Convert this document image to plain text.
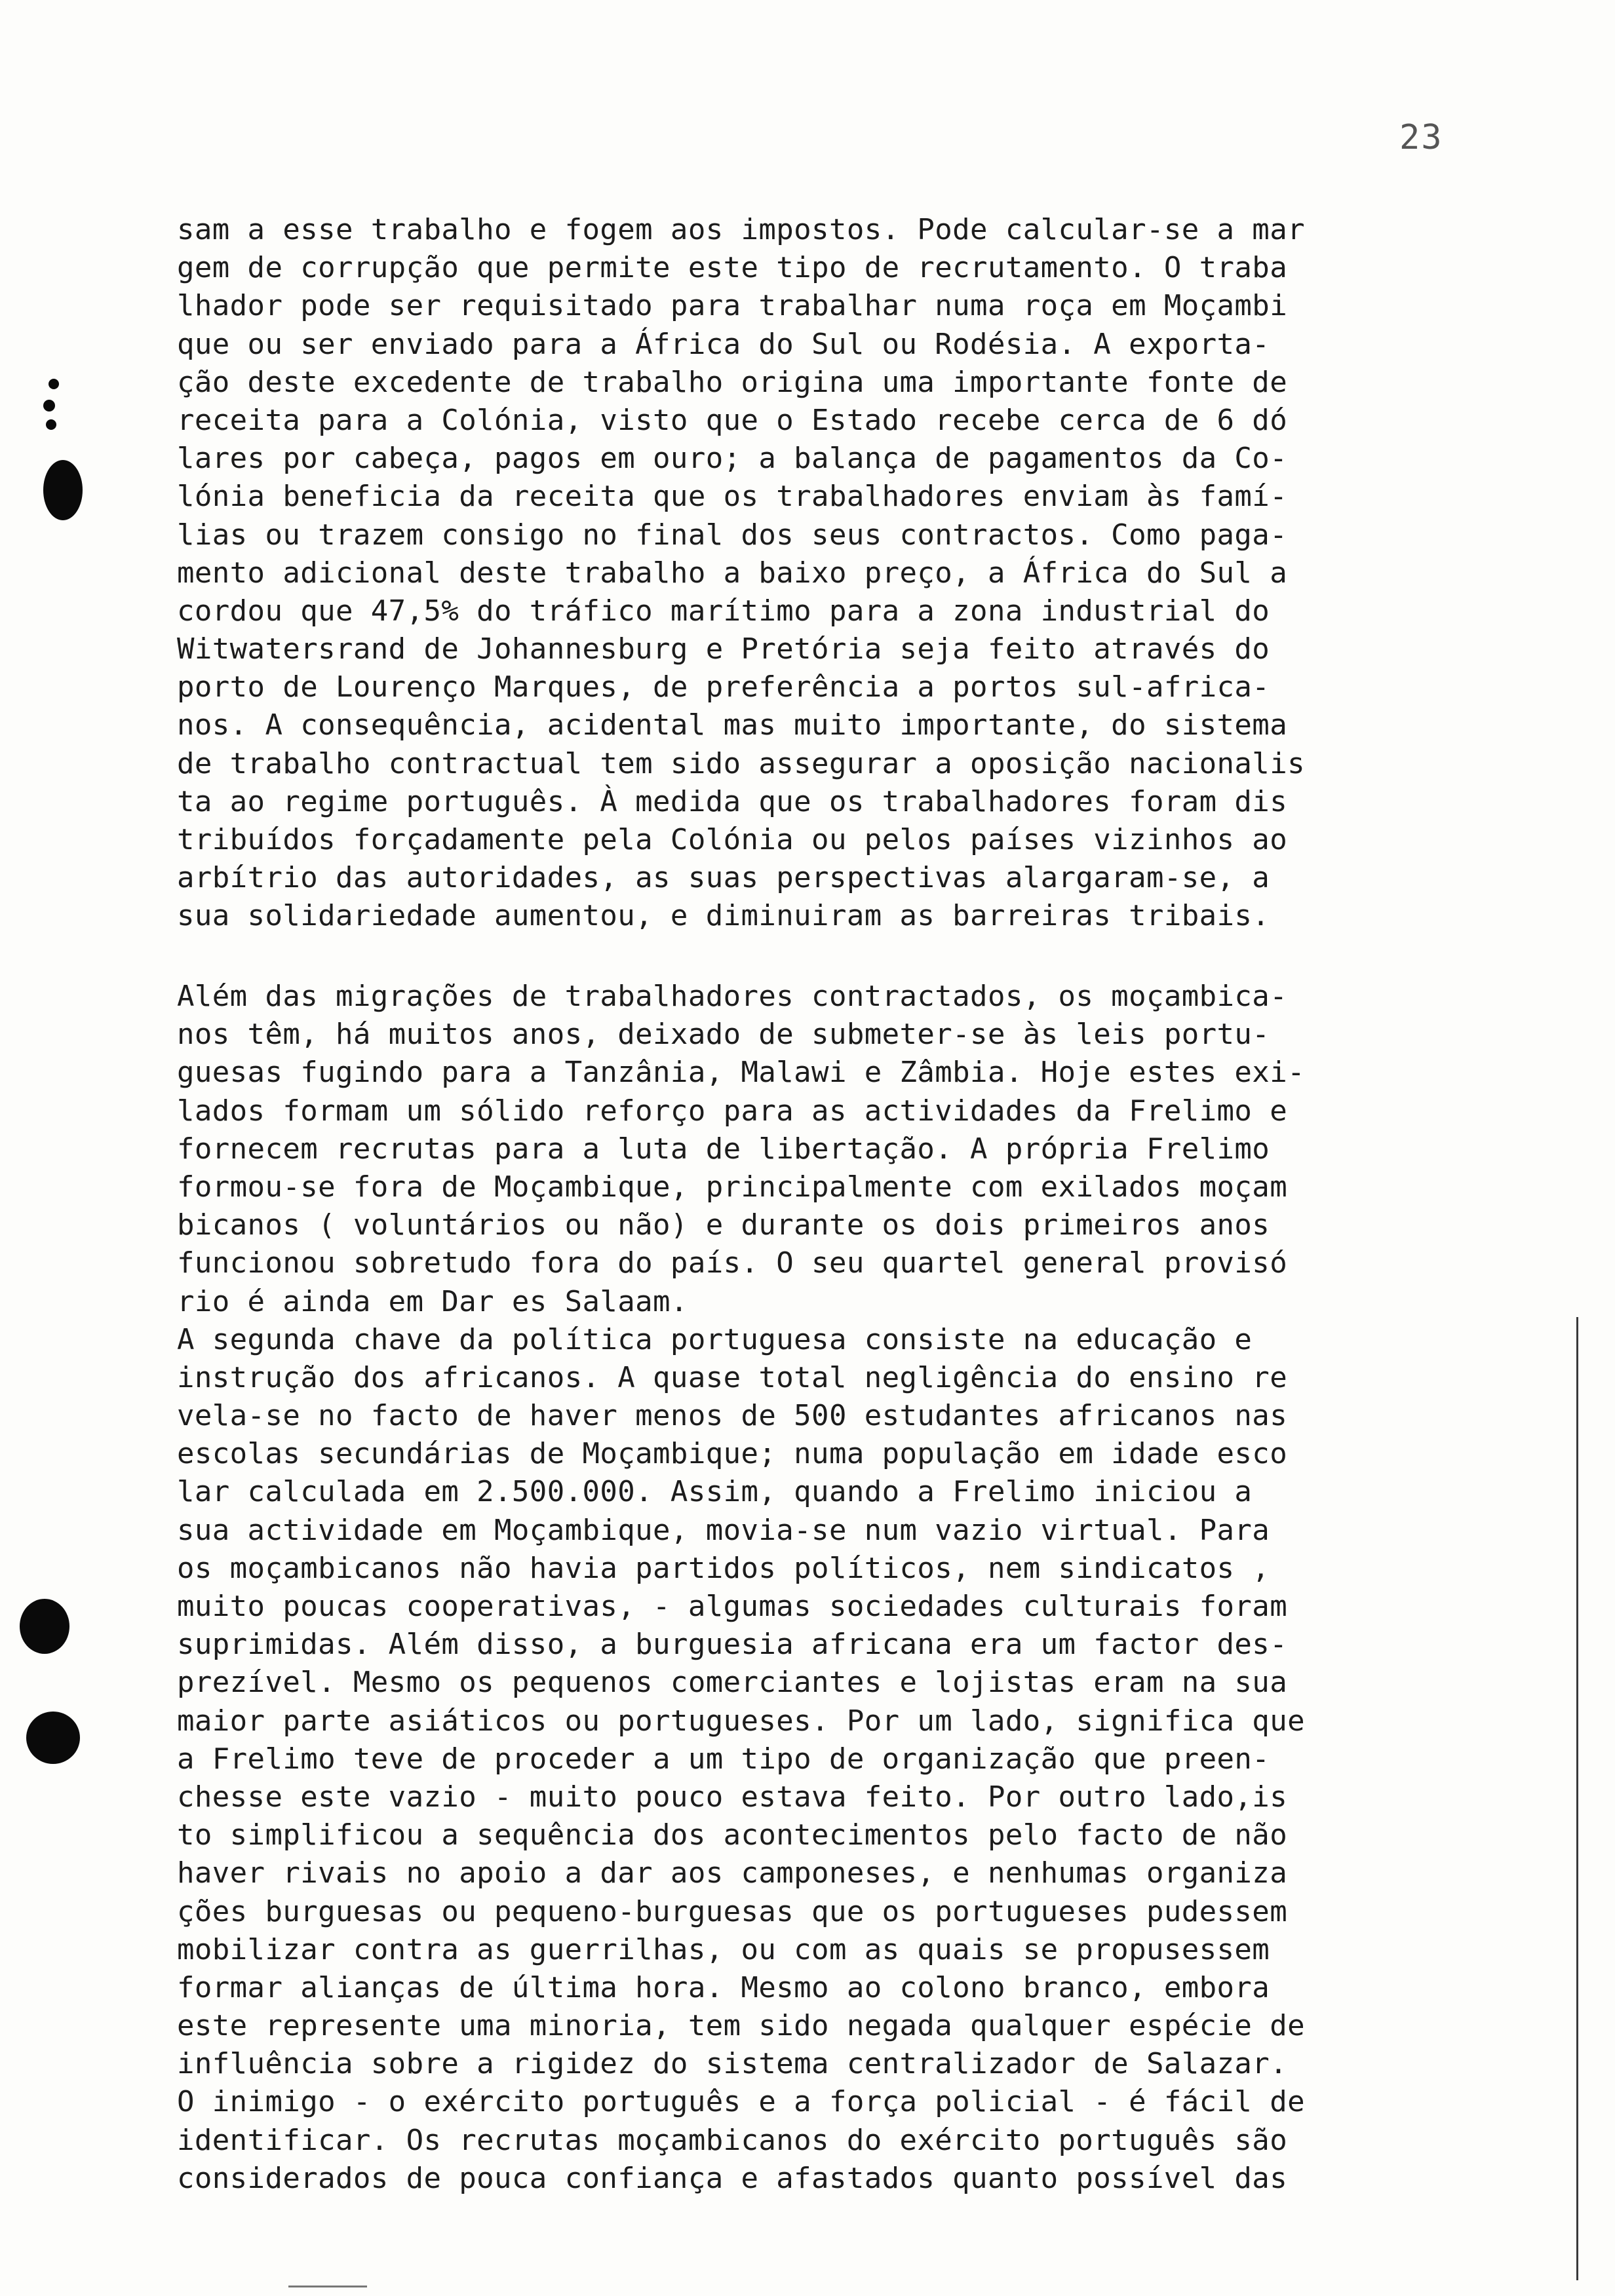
23
sam a esse trabalho e fogem aos impostos. Pode calcular-se a mar
gem de corrupção que permite este tipo de recrutamento. O traba
lhador pode ser requisitado para trabalhar numa roça em Moçambi
que ou ser enviado para a África do Sul ou Rodésia. A exporta-
ção deste excedente de trabalho origina uma importante fonte de
receita para a Colónia, visto que o Estado recebe cerca de 6 dó
lares por cabeça, pagos em ouro; a balança de pagamentos da Co-
lónia beneficia da receita que os trabalhadores enviam às famí-
lias ou trazem consigo no final dos seus contractos. Como paga-
mento adicional deste trabalho a baixo preço, a África do Sul a
cordou que 47,5% do tráfico marítimo para a zona industrial do
Witwatersrand de Johannesburg e Pretória seja feito através do
porto de Lourenço Marques, de preferência a portos sul-africa-
nos. A consequência, acidental mas muito importante, do sistema
de trabalho contractual tem sido assegurar a oposição nacionalis
ta ao regime português. À medida que os trabalhadores foram dis
tribuídos forçadamente pela Colónia ou pelos países vizinhos ao
arbítrio das autoridades, as suas perspectivas alargaram-se, a
sua solidariedade aumentou, e diminuiram as barreiras tribais.
Além das migrações de trabalhadores contractados, os moçambica-
nos têm, há muitos anos, deixado de submeter-se às leis portu-
guesas fugindo para a Tanzânia, Malawi e Zâmbia. Hoje estes exi-
lados formam um sólido reforço para as actividades da Frelimo e
fornecem recrutas para a luta de libertação. A própria Frelimo
formou-se fora de Moçambique, principalmente com exilados moçam
bicanos ( voluntários ou não) e durante os dois primeiros anos
funcionou sobretudo fora do país. O seu quartel general provisó
rio é ainda em Dar es Salaam.
A segunda chave da política portuguesa consiste na educação e
instrução dos africanos. A quase total negligência do ensino re
vela-se no facto de haver menos de 500 estudantes africanos nas
escolas secundárias de Moçambique; numa população em idade esco
lar calculada em 2.500.000. Assim, quando a Frelimo iniciou a
sua actividade em Moçambique, movia-se num vazio virtual. Para
os moçambicanos não havia partidos políticos, nem sindicatos ,
muito poucas cooperativas, - algumas sociedades culturais foram
suprimidas. Além disso, a burguesia africana era um factor des-
prezível. Mesmo os pequenos comerciantes e lojistas eram na sua
maior parte asiáticos ou portugueses. Por um lado, significa que
a Frelimo teve de proceder a um tipo de organização que preen-
chesse este vazio - muito pouco estava feito. Por outro lado,is
to simplificou a sequência dos acontecimentos pelo facto de não
haver rivais no apoio a dar aos camponeses, e nenhumas organiza
ções burguesas ou pequeno-burguesas que os portugueses pudessem
mobilizar contra as guerrilhas, ou com as quais se propusessem
formar alianças de última hora. Mesmo ao colono branco, embora
este represente uma minoria, tem sido negada qualquer espécie de
influência sobre a rigidez do sistema centralizador de Salazar.
O inimigo - o exército português e a força policial - é fácil de
identificar. Os recrutas moçambicanos do exército português são
considerados de pouca confiança e afastados quanto possível das
